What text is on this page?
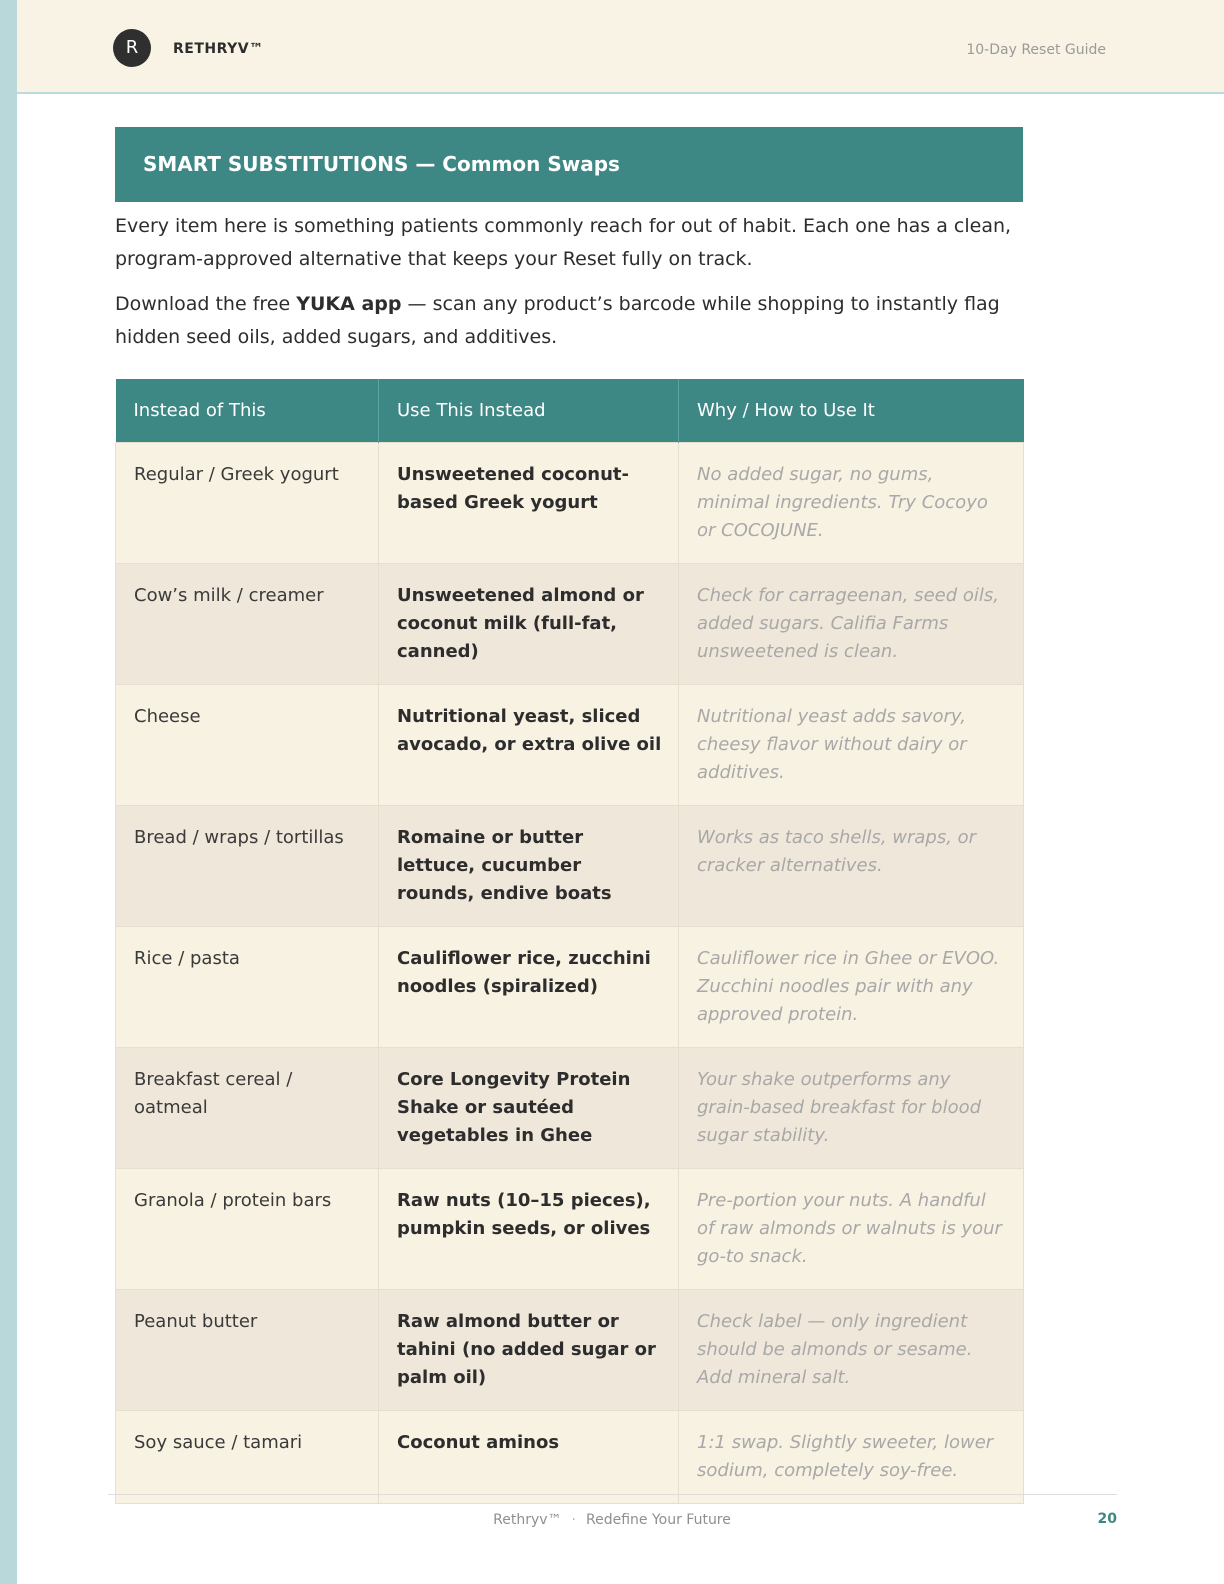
R	RETHRYV™	10-Day Reset Guide
SMART SUBSTITUTIONS — Common Swaps

Every item here is something patients commonly reach for out of habit. Each one has a clean, program-approved alternative that keeps your Reset fully on track.

Download the free YUKA app — scan any product’s barcode while shopping to instantly flag hidden seed oils, added sugars, and additives.

Instead of This	Use This Instead	Why / How to Use It
Regular / Greek yogurt	Unsweetened coconut-based Greek yogurt	No added sugar, no gums, minimal ingredients. Try Cocoyo or COCOJUNE.
Cow’s milk / creamer	Unsweetened almond or coconut milk (full-fat, canned)	Check for carrageenan, seed oils, added sugars. Califia Farms unsweetened is clean.
Cheese	Nutritional yeast, sliced avocado, or extra olive oil	Nutritional yeast adds savory, cheesy flavor without dairy or additives.
Bread / wraps / tortillas	Romaine or butter lettuce, cucumber rounds, endive boats	Works as taco shells, wraps, or cracker alternatives.
Rice / pasta	Cauliflower rice, zucchini noodles (spiralized)	Cauliflower rice in Ghee or EVOO. Zucchini noodles pair with any approved protein.
Breakfast cereal / oatmeal	Core Longevity Protein Shake or sautéed vegetables in Ghee	Your shake outperforms any grain-based breakfast for blood sugar stability.
Granola / protein bars	Raw nuts (10–15 pieces), pumpkin seeds, or olives	Pre-portion your nuts. A handful of raw almonds or walnuts is your go-to snack.
Peanut butter	Raw almond butter or tahini (no added sugar or palm oil)	Check label — only ingredient should be almonds or sesame. Add mineral salt.
Soy sauce / tamari	Coconut aminos	1:1 swap. Slightly sweeter, lower sodium, completely soy-free.
Rethryv™ · Redefine Your Future	20
